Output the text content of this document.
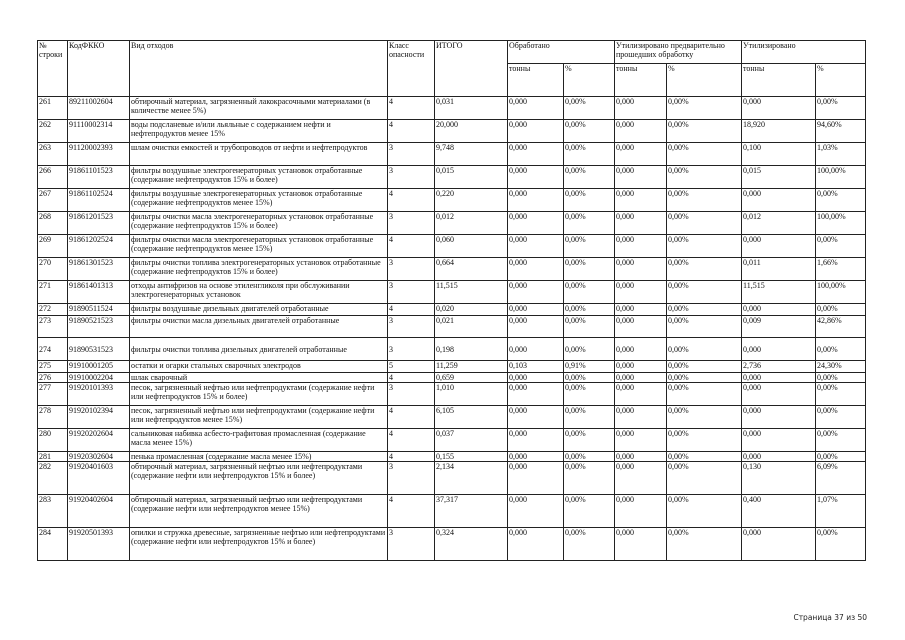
№ строки	КодФККО	Вид отходов	Класс опасности	ИТОГО	Обработано		Утилизировано предварительно прошедших обработку		Утилизировано	
					тонны	%	тонны	%	тонны	%
261	89211002604	обтирочный материал, загрязненный лакокрасочными материалами (в количестве менее 5%)	4	0,031	0,000	0,00%	0,000	0,00%	0,000	0,00%
262	91110002314	воды подсланевые и/или льяльные с содержанием нефти и нефтепродуктов менее 15%	4	20,000	0,000	0,00%	0,000	0,00%	18,920	94,60%
263	91120002393	шлам очистки емкостей и трубопроводов от нефти и нефтепродуктов	3	9,748	0,000	0,00%	0,000	0,00%	0,100	1,03%
266	91861101523	фильтры воздушные электрогенераторных установок отработанные (содержание нефтепродуктов 15% и более)	3	0,015	0,000	0,00%	0,000	0,00%	0,015	100,00%
267	91861102524	фильтры воздушные электрогенераторных установок отработанные (содержание нефтепродуктов менее 15%)	4	0,220	0,000	0,00%	0,000	0,00%	0,000	0,00%
268	91861201523	фильтры очистки масла электрогенераторных установок отработанные (содержание нефтепродуктов 15% и более)	3	0,012	0,000	0,00%	0,000	0,00%	0,012	100,00%
269	91861202524	фильтры очистки масла электрогенераторных установок отработанные (содержание нефтепродуктов менее 15%)	4	0,060	0,000	0,00%	0,000	0,00%	0,000	0,00%
270	91861301523	фильтры очистки топлива электрогенераторных установок отработанные (содержание нефтепродуктов 15% и более)	3	0,664	0,000	0,00%	0,000	0,00%	0,011	1,66%
271	91861401313	отходы антифризов на основе этиленгликоля при обслуживании электрогенераторных установок	3	11,515	0,000	0,00%	0,000	0,00%	11,515	100,00%
272	91890511524	фильтры воздушные дизельных двигателей отработанные	4	0,020	0,000	0,00%	0,000	0,00%	0,000	0,00%
273	91890521523	фильтры очистки масла дизельных двигателей отработанные	3	0,021	0,000	0,00%	0,000	0,00%	0,009	42,86%
274	91890531523	фильтры очистки топлива дизельных двигателей отработанные	3	0,198	0,000	0,00%	0,000	0,00%	0,000	0,00%
275	91910001205	остатки и огарки стальных сварочных электродов	5	11,259	0,103	0,91%	0,000	0,00%	2,736	24,30%
276	91910002204	шлак сварочный	4	0,659	0,000	0,00%	0,000	0,00%	0,000	0,00%
277	91920101393	песок, загрязненный нефтью или нефтепродуктами (содержание нефти или нефтепродуктов 15% и более)	3	1,010	0,000	0,00%	0,000	0,00%	0,000	0,00%
278	91920102394	песок, загрязненный нефтью или нефтепродуктами (содержание нефти или нефтепродуктов менее 15%)	4	6,105	0,000	0,00%	0,000	0,00%	0,000	0,00%
280	91920202604	сальниковая набивка асбесто-графитовая промасленная (содержание масла менее 15%)	4	0,037	0,000	0,00%	0,000	0,00%	0,000	0,00%
281	91920302604	пенька промасленная (содержание масла менее 15%)	4	0,155	0,000	0,00%	0,000	0,00%	0,000	0,00%
282	91920401603	обтирочный материал, загрязненный нефтью или нефтепродуктами (содержание нефти или нефтепродуктов 15% и более)	3	2,134	0,000	0,00%	0,000	0,00%	0,130	6,09%
283	91920402604	обтирочный материал, загрязненный нефтью или нефтепродуктами (содержание нефти или нефтепродуктов менее 15%)	4	37,317	0,000	0,00%	0,000	0,00%	0,400	1,07%
284	91920501393	опилки и стружка древесные, загрязненные нефтью или нефтепродуктами (содержание нефти или нефтепродуктов 15% и более)	3	0,324	0,000	0,00%	0,000	0,00%	0,000	0,00%
Страница 37 из 50
